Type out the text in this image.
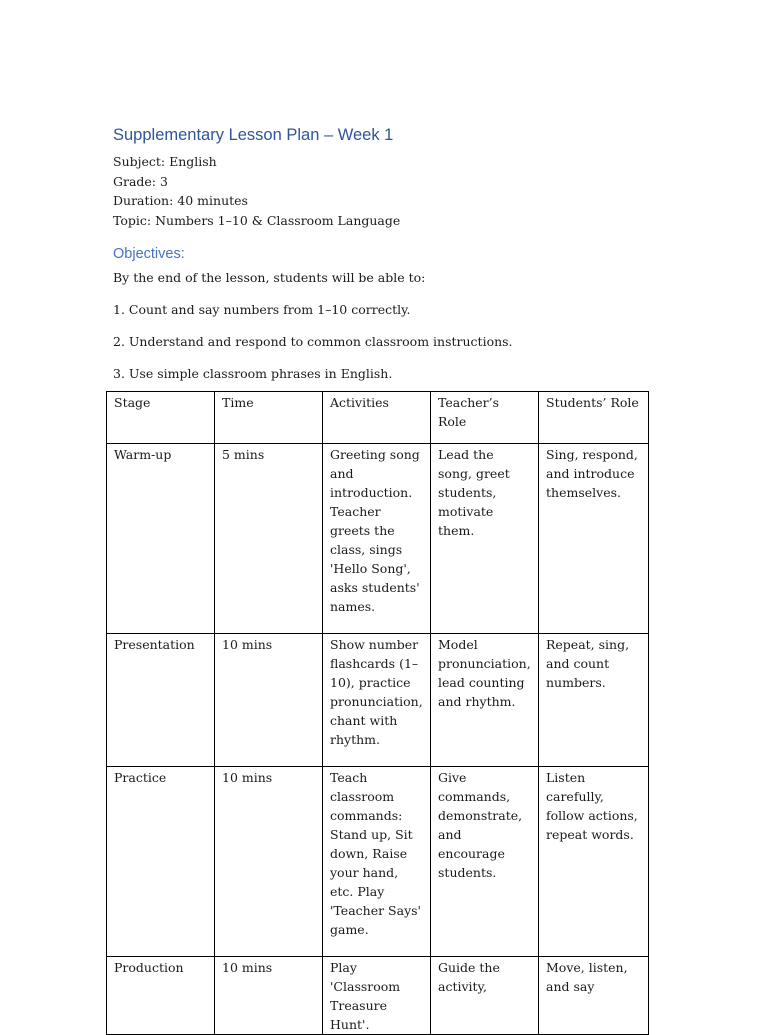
Supplementary Lesson Plan – Week 1

Subject: English

Grade: 3

Duration: 40 minutes

Topic: Numbers 1–10 & Classroom Language

Objectives:

By the end of the lesson, students will be able to:

1. Count and say numbers from 1–10 correctly.
2. Understand and respond to common classroom instructions.
3. Use simple classroom phrases in English.
Stage	Time	Activities	Teacher’s Role	Students’ Role
Warm-up	5 mins	Greeting song and introduction. Teacher greets the class, sings 'Hello Song', asks students' names.	Lead the song, greet students, motivate them.	Sing, respond, and introduce themselves.
Presentation	10 mins	Show number flashcards (1–10), practice pronunciation, chant with rhythm.	Model pronunciation, lead counting and rhythm.	Repeat, sing, and count numbers.
Practice	10 mins	Teach classroom commands: Stand up, Sit down, Raise your hand, etc. Play 'Teacher Says' game.	Give commands, demonstrate, and encourage students.	Listen carefully, follow actions, repeat words.
Production	10 mins	Play 'Classroom Treasure Hunt'.	Guide the activity,	Move, listen, and say
